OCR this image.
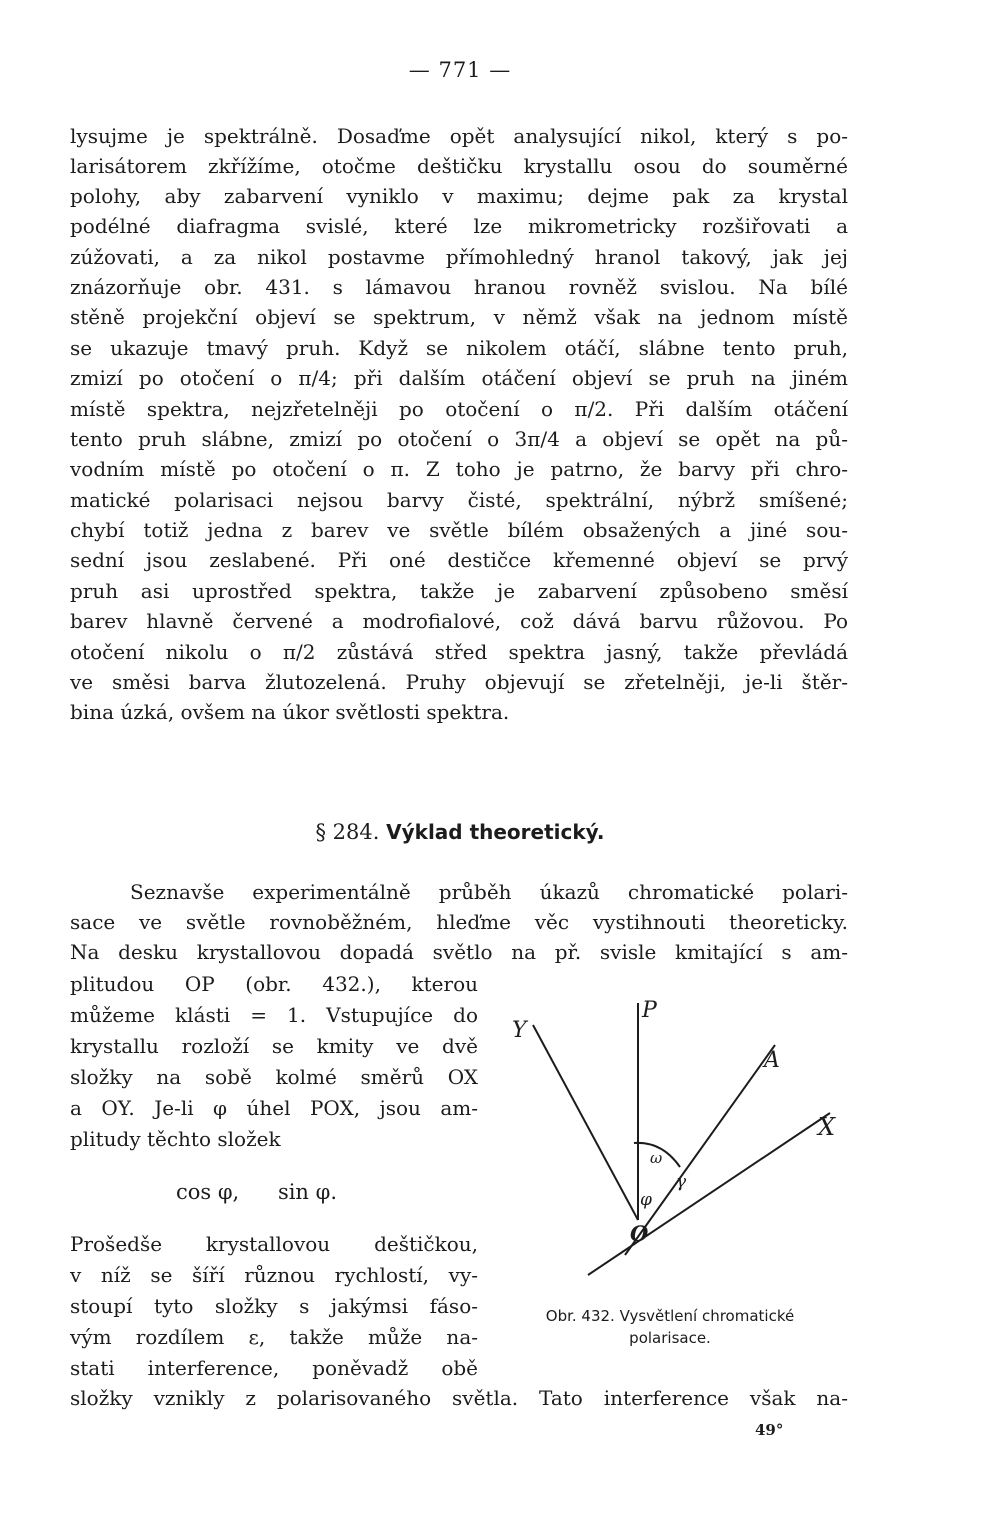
— 771 —
lysujme je spektrálně. Dosaďme opět analysující nikol, který s po-
larisátorem zkřížíme, otočme deštičku krystallu osou do souměrné
polohy, aby zabarvení vyniklo v maximu; dejme pak za krystal
podélné diafragma svislé, které lze mikrometricky rozšiřovati a
zúžovati, a za nikol postavme přímohledný hranol takový, jak jej
znázorňuje obr. 431. s lámavou hranou rovněž svislou. Na bílé
stěně projekční objeví se spektrum, v němž však na jednom místě
se ukazuje tmavý pruh. Když se nikolem otáčí, slábne tento pruh,
zmizí po otočení o π/4; při dalším otáčení objeví se pruh na jiném
místě spektra, nejzřetelněji po otočení o π/2. Při dalším otáčení
tento pruh slábne, zmizí po otočení o 3π/4 a objeví se opět na pů-
vodním místě po otočení o π. Z toho je patrno, že barvy při chro-
matické polarisaci nejsou barvy čisté, spektrální, nýbrž smíšené;
chybí totiž jedna z barev ve světle bílém obsažených a jiné sou-
sední jsou zeslabené. Při oné destičce křemenné objeví se prvý
pruh asi uprostřed spektra, takže je zabarvení způsobeno směsí
barev hlavně červené a modrofialové, což dává barvu růžovou. Po
otočení nikolu o π/2 zůstává střed spektra jasný, takže převládá
ve směsi barva žlutozelená. Pruhy objevují se zřetelněji, je-li štěr-
bina úzká, ovšem na úkor světlosti spektra.
§ 284. Výklad theoretický.
Seznavše experimentálně průběh úkazů chromatické polari-
sace ve světle rovnoběžném, hleďme věc vystihnouti theoreticky.
Na desku krystallovou dopadá světlo na př. svisle kmitající s am-
plitudou OP (obr. 432.), kterou
můžeme klásti = 1. Vstupujíce do
krystallu rozloží se kmity ve dvě
složky na sobě kolmé směrů OX
a OY. Je-li φ úhel POX, jsou am-
plitudy těchto složek
cos φ, sin φ.
Prošedše krystallovou deštičkou,
v níž se šíří různou rychlostí, vy-
stoupí tyto složky s jakýmsi fáso-
vým rozdílem ε, takže může na-
stati interference, poněvadž obě
složky vznikly z polarisovaného světla. Tato interference však na-
P
A
X
Y
O
ω
φ
γ
Obr. 432. Vysvětlení chromatické
polarisace.
49°
